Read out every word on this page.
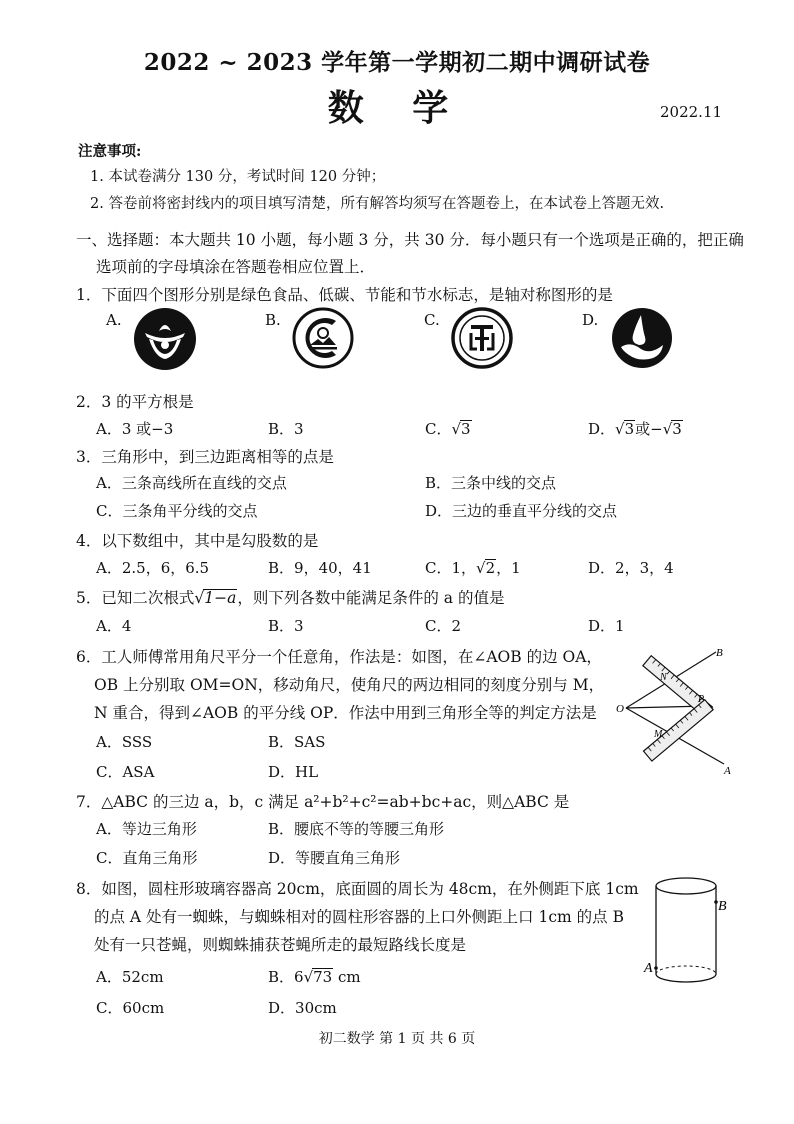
2022 ~ 2023 学年第一学期初二期中调研试卷
数 学	2022.11
注意事项:
1. 本试卷满分 130 分，考试时间 120 分钟；
2. 答卷前将密封线内的项目填写清楚，所有解答均须写在答题卷上，在本试卷上答题无效.
一、选择题：本大题共 10 小题，每小题 3 分，共 30 分．每小题只有一个选项是正确的，把正确
选项前的字母填涂在答题卷相应位置上．
1．下面四个图形分别是绿色食品、低碳、节能和节水标志，是轴对称图形的是
A.	B.	C.	D.
2．3 的平方根是
A．3 或−3	B．3	C．√3	D．√3或−√3
3．三角形中，到三边距离相等的点是
A．三条高线所在直线的交点	B．三条中线的交点
C．三条角平分线的交点	D．三边的垂直平分线的交点
4．以下数组中，其中是勾股数的是
A．2.5，6，6.5	B．9，40，41	C．1，√2，1	D．2，3，4
5．已知二次根式√1−a，则下列各数中能满足条件的 a 的值是
A．4	B．3	C．2	D．1
6．工人师傅常用角尺平分一个任意角，作法是：如图，在∠AOB 的边 OA，
OB 上分别取 OM=ON，移动角尺，使角尺的两边相同的刻度分别与 M，
N 重合，得到∠AOB 的平分线 OP．作法中用到三角形全等的判定方法是
A．SSS	B．SAS
C．ASA	D．HL
B
O
N
P
M
A
7．△ABC 的三边 a，b，c 满足 a²+b²+c²=ab+bc+ac，则△ABC 是
A．等边三角形	B．腰底不等的等腰三角形
C．直角三角形	D．等腰直角三角形
8．如图，圆柱形玻璃容器高 20cm，底面圆的周长为 48cm，在外侧距下底 1cm
的点 A 处有一蜘蛛，与蜘蛛相对的圆柱形容器的上口外侧距上口 1cm 的点 B
处有一只苍蝇，则蜘蛛捕获苍蝇所走的最短路线长度是
A．52cm	B．6√73 cm
C．60cm	D．30cm
B
A
初二数学 第 1 页 共 6 页
